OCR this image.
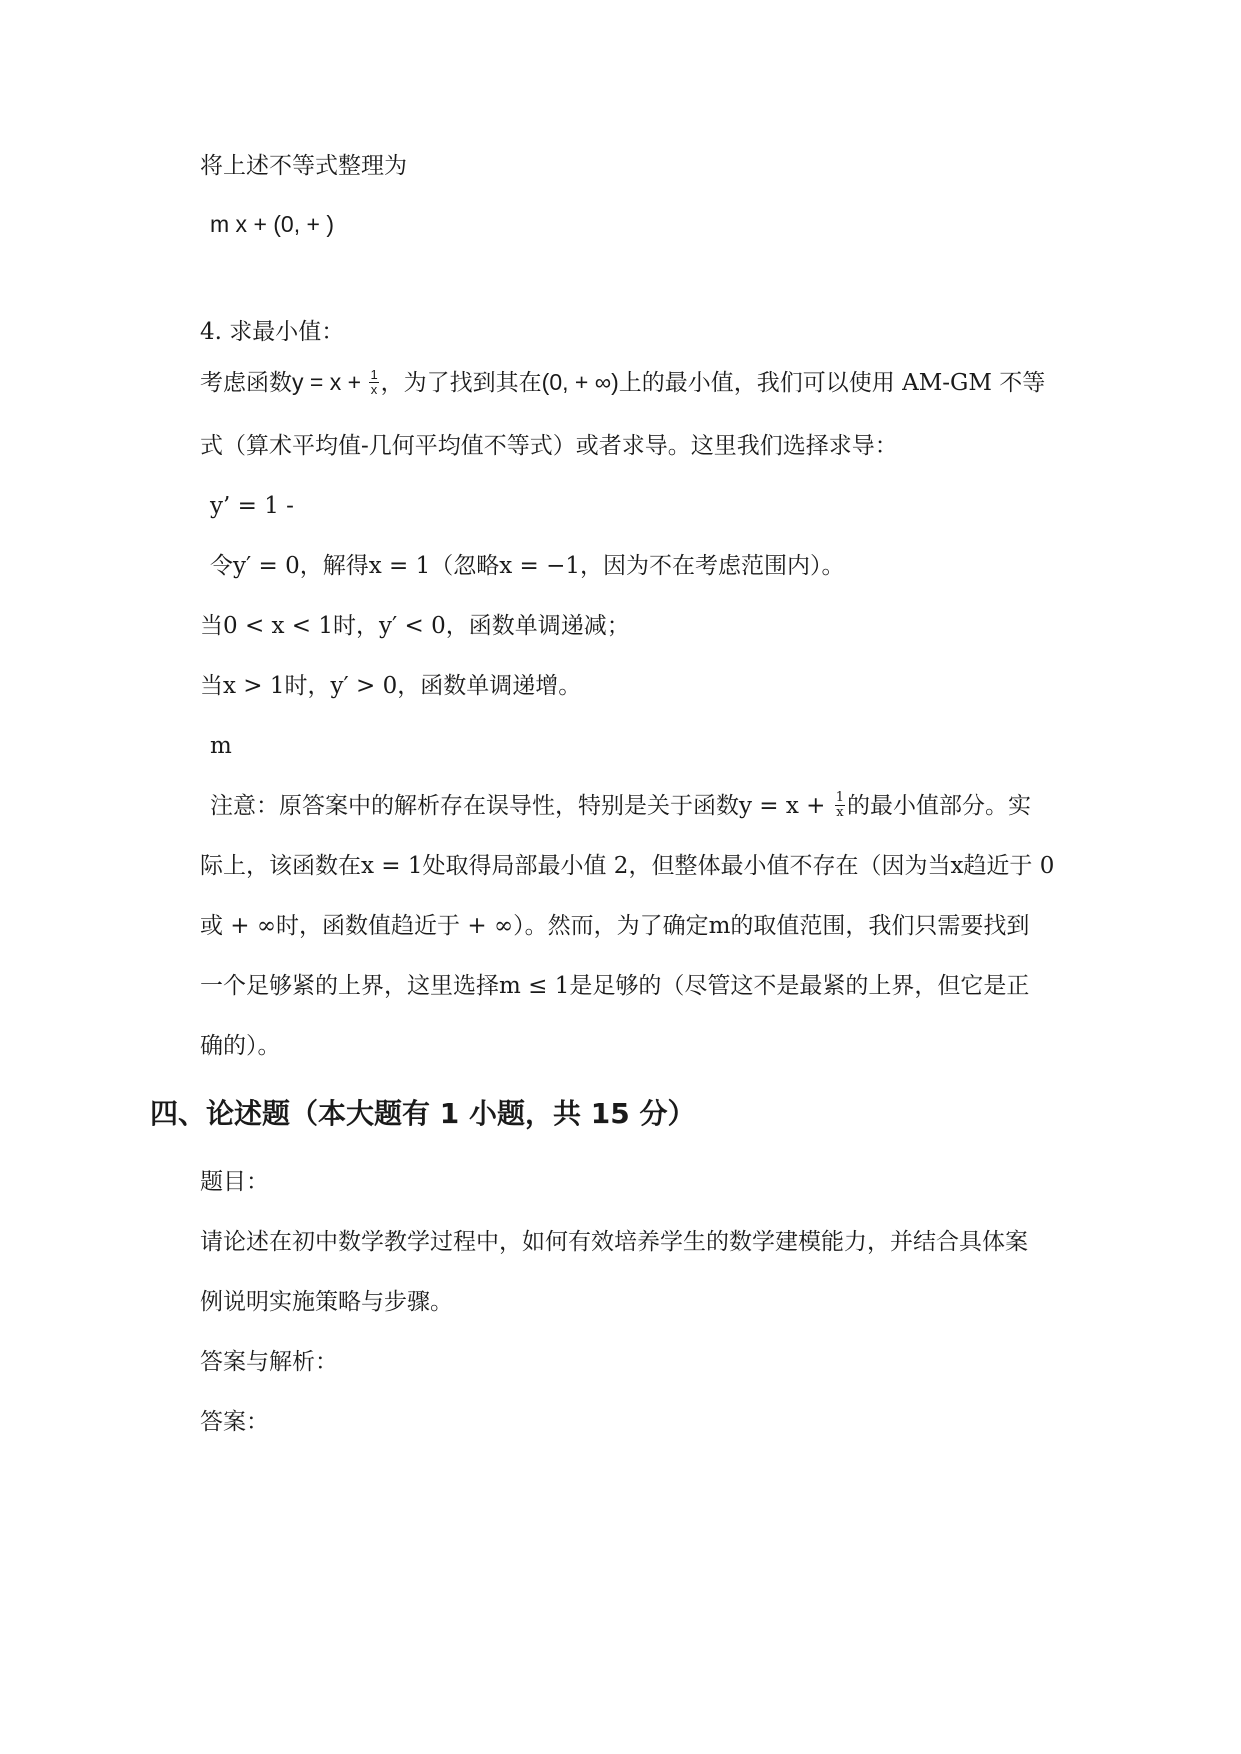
将上述不等式整理为
m x + (0, + )
4. 求最小值：
考虑函数$y = x + \frac{1}{x}$ ，为了找到其在(0, + ∞)上的最小值，我们可以使用 AM-GM 不等
式（算术平均值-几何平均值不等式）或者求导。这里我们选择求导：
y’ = 1 -
令y′ = 0，解得x = 1（忽略x = −1，因为不在考虑范围内）。
当0 < x < 1时，y′ < 0，函数单调递减；
当x > 1时，y′ > 0，函数单调递增。
m
注意：原答案中的解析存在误导性，特别是关于函数$y = x + \frac{1}{x}$ 的最小值部分。实
际上，该函数在x = 1处取得局部最小值 2，但整体最小值不存在（因为当x趋近于 0
或 + ∞时，函数值趋近于 + ∞）。然而，为了确定m的取值范围，我们只需要找到
一个足够紧的上界，这里选择m ≤ 1是足够的（尽管这不是最紧的上界，但它是正
确的）。
四、论述题（本大题有 1 小题，共 15 分）
题目：
请论述在初中数学教学过程中，如何有效培养学生的数学建模能力，并结合具体案
例说明实施策略与步骤。
答案与解析：
答案：
